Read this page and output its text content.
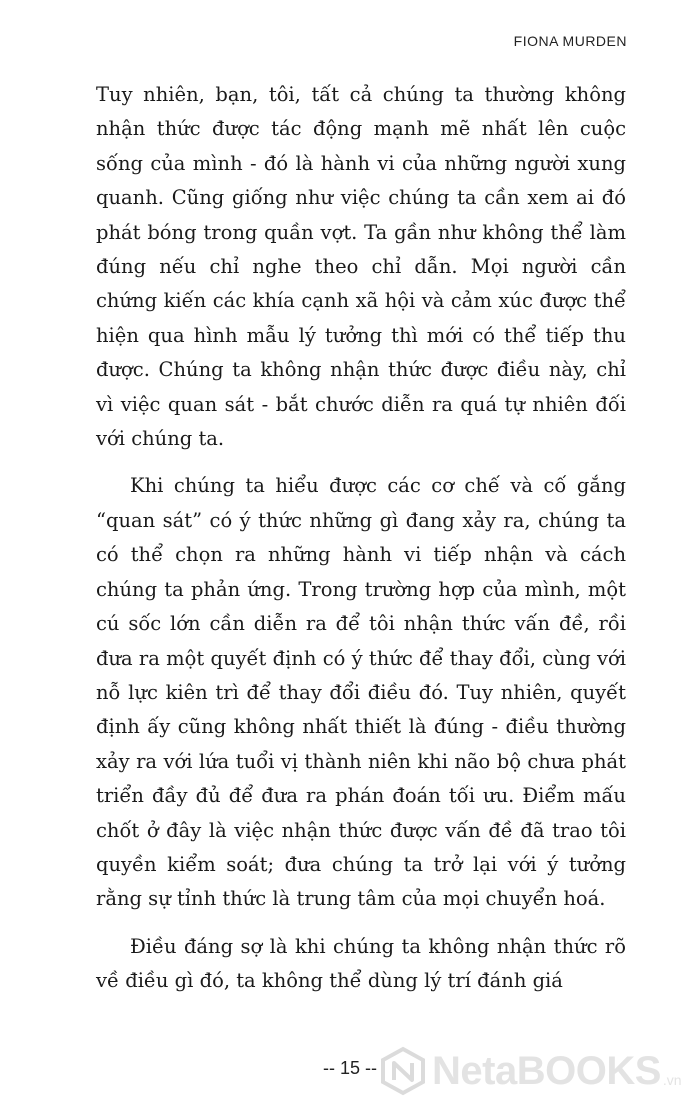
FIONA MURDEN

Tuy nhiên, bạn, tôi, tất cả chúng ta thường không nhận thức được tác động mạnh mẽ nhất lên cuộc sống của mình - đó là hành vi của những người xung quanh. Cũng giống như việc chúng ta cần xem ai đó phát bóng trong quần vợt. Ta gần như không thể làm đúng nếu chỉ nghe theo chỉ dẫn. Mọi người cần chứng kiến các khía cạnh xã hội và cảm xúc được thể hiện qua hình mẫu lý tưởng thì mới có thể tiếp thu được. Chúng ta không nhận thức được điều này, chỉ vì việc quan sát - bắt chước diễn ra quá tự nhiên đối với chúng ta.

Khi chúng ta hiểu được các cơ chế và cố gắng “quan sát” có ý thức những gì đang xảy ra, chúng ta có thể chọn ra những hành vi tiếp nhận và cách chúng ta phản ứng. Trong trường hợp của mình, một cú sốc lớn cần diễn ra để tôi nhận thức vấn đề, rồi đưa ra một quyết định có ý thức để thay đổi, cùng với nỗ lực kiên trì để thay đổi điều đó. Tuy nhiên, quyết định ấy cũng không nhất thiết là đúng - điều thường xảy ra với lứa tuổi vị thành niên khi não bộ chưa phát triển đầy đủ để đưa ra phán đoán tối ưu. Điểm mấu chốt ở đây là việc nhận thức được vấn đề đã trao tôi quyền kiểm soát; đưa chúng ta trở lại với ý tưởng rằng sự tỉnh thức là trung tâm của mọi chuyển hoá.

Điều đáng sợ là khi chúng ta không nhận thức rõ về điều gì đó, ta không thể dùng lý trí đánh giá

-- 15 --	NetaBOOKS .vn
